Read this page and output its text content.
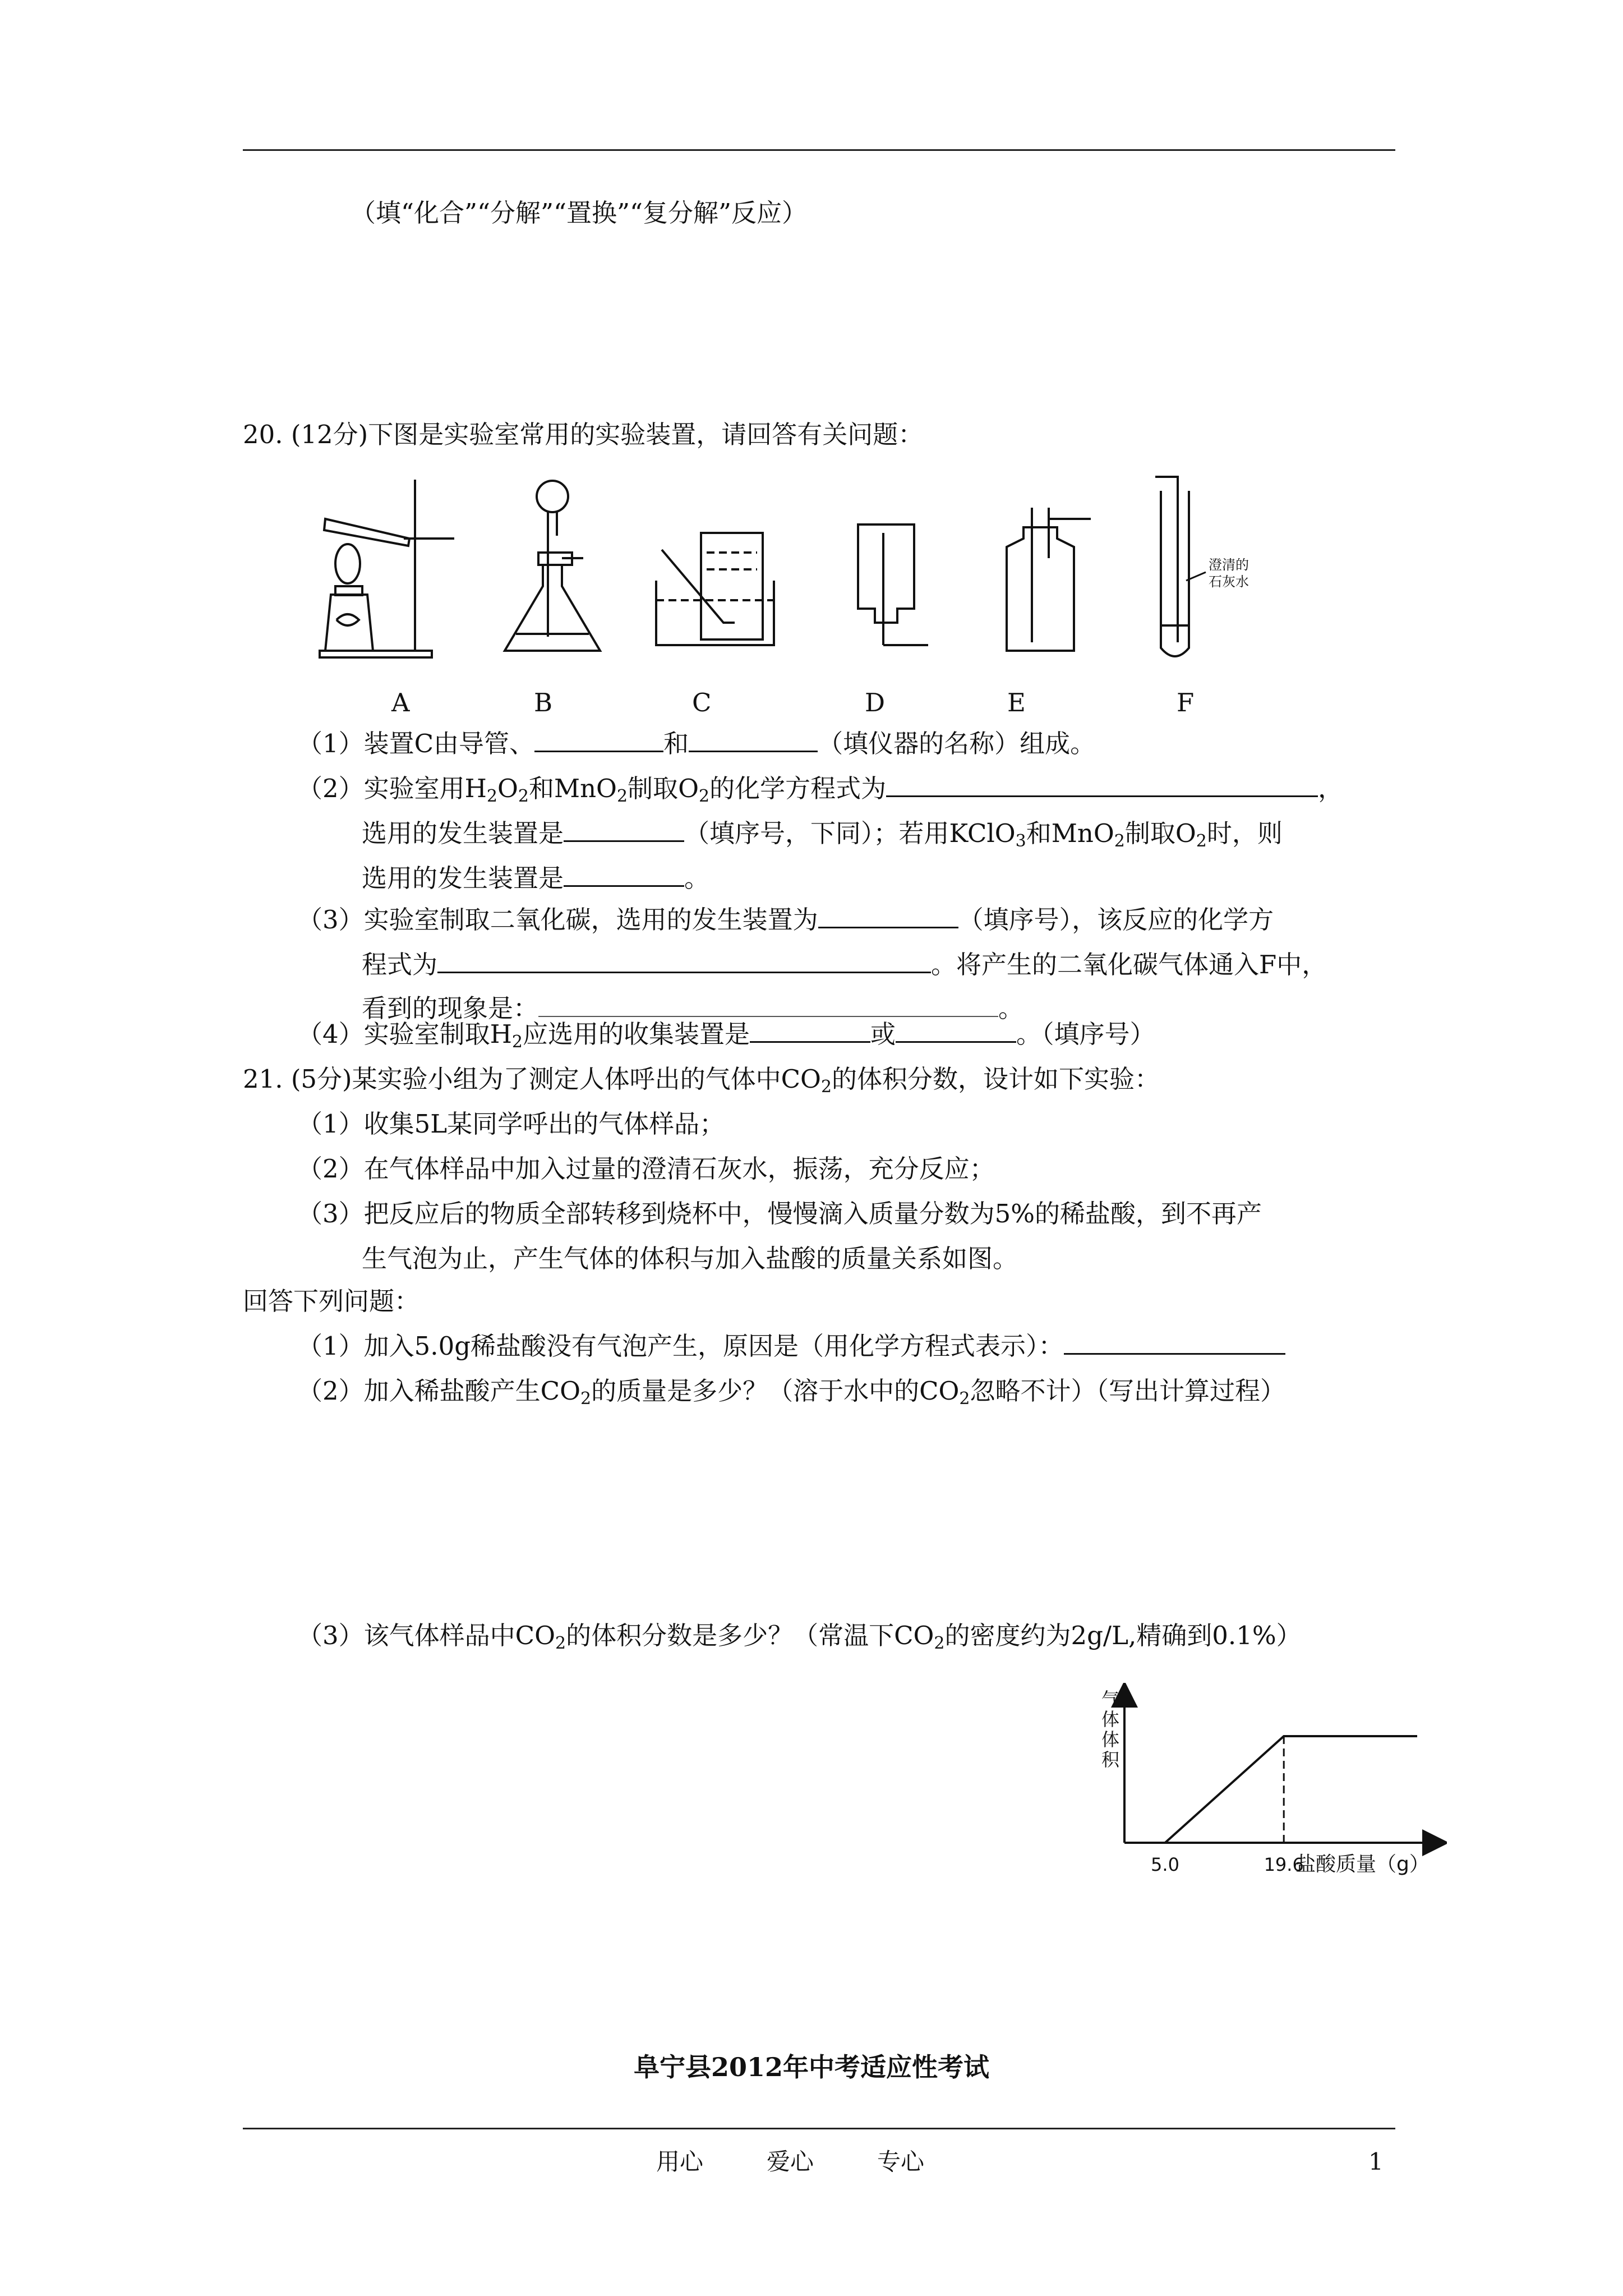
（填“化合”“分解”“置换”“复分解”反应）
20. (12分)下图是实验室常用的实验装置，请回答有关问题：
澄清的
石灰水
A	B	C	D	E	F
（1）装置C由导管、	和	（填仪器的名称）组成。
（2）实验室用$H_2O_2$和MnO$_2$制取$O_2$的化学方程式为	，
选用的发生装置是	（填序号，下同）；若用KClO$_3$和MnO$_2$制取$O_2$时，则
选用的发生装置是	。
（3）实验室制取二氧化碳，选用的发生装置为	（填序号），该反应的化学方
程式为	。将产生的二氧化碳气体通入F中，
看到的现象是：	。
（4）实验室制取$H_2$应选用的收集装置是	或	。（填序号）
21. (5分)某实验小组为了测定人体呼出的气体中$CO_2$的体积分数，设计如下实验：
（1）收集5L某同学呼出的气体样品；
（2）在气体样品中加入过量的澄清石灰水，振荡，充分反应；
（3）把反应后的物质全部转移到烧杯中，慢慢滴入质量分数为5%的稀盐酸，到不再产
生气泡为止，产生气体的体积与加入盐酸的质量关系如图。
回答下列问题：
（1）加入5.0g稀盐酸没有气泡产生，原因是（用化学方程式表示）：
（2）加入稀盐酸产生$CO_2$的质量是多少？（溶于水中的$CO_2$忽略不计）（写出计算过程）
（3）该气体样品中$CO_2$的体积分数是多少？（常温下$CO_2$的密度约为2g/L,精确到0.1%）
气
体
体
积
5.0	19.6
盐酸质量（g）
阜宁县2012年中考适应性考试
用心	爱心	专心	1
